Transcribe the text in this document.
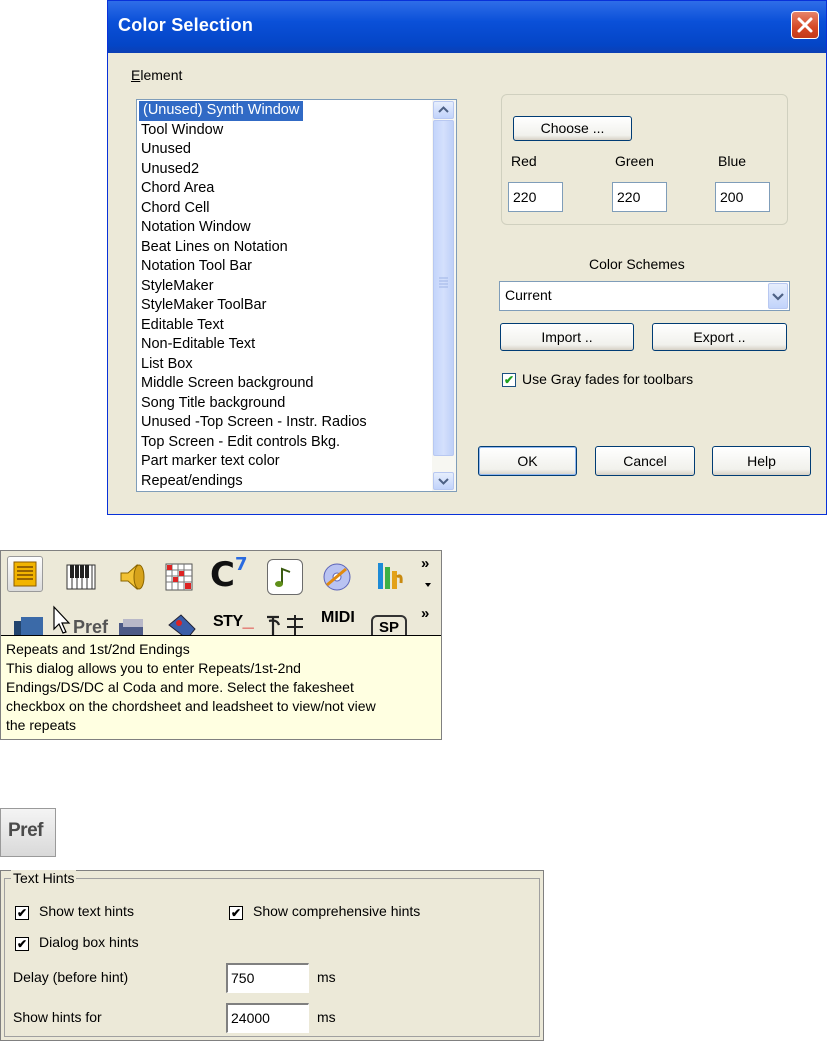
Color Selection
Element
(Unused) Synth Window
Tool Window
Unused
Unused2
Chord Area
Chord Cell
Notation Window
Beat Lines on Notation
Notation Tool Bar
StyleMaker
StyleMaker ToolBar
Editable Text
Non-Editable Text
List Box
Middle Screen background
Song Title background
Unused -Top Screen - Instr. Radios
Top Screen - Edit controls Bkg.
Part marker text color
Repeat/endings
Choose ...
Red	Green	Blue
220	220	200
Color Schemes
Current
Import ..	Export ..
✔ Use Gray fades for toolbars
OK	Cancel	Help
$C^7$	»
Pref	STY_	MIDI
SP
»
Repeats and 1st/2nd Endings
This dialog allows you to enter Repeats/1st-2nd
Endings/DS/DC al Coda and more. Select the fakesheet
checkbox on the chordsheet and leadsheet to view/not view
the repeats
Pref
Text Hints
✔ Show text hints	✔ Show comprehensive hints
✔ Dialog box hints
Delay (before hint)	750	ms
Show hints for	24000	ms
